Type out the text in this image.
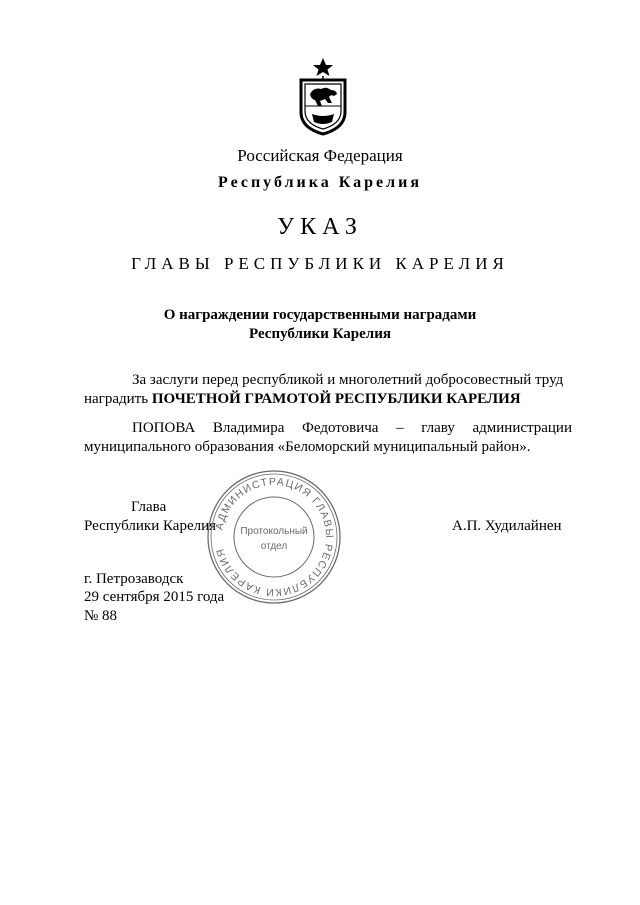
Российская Федерация
Республика Карелия
УКАЗ
ГЛАВЫ РЕСПУБЛИКИ КАРЕЛИЯ
О награждении государственными наградами
Республики Карелия
За заслуги перед республикой и многолетний добросовестный труд
наградить ПОЧЕТНОЙ ГРАМОТОЙ РЕСПУБЛИКИ КАРЕЛИЯ
ПОПОВА Владимира Федотовича – главу администрации
муниципального образования «Беломорский муниципальный район».
Глава
Республики Карелия	А.П. Худилайнен
АДМИНИСТРАЦИЯ ГЛАВЫ РЕСПУБЛИКИ КАРЕЛИЯ
Протокольный
отдел
г. Петрозаводск
29 сентября 2015 года
№ 88
